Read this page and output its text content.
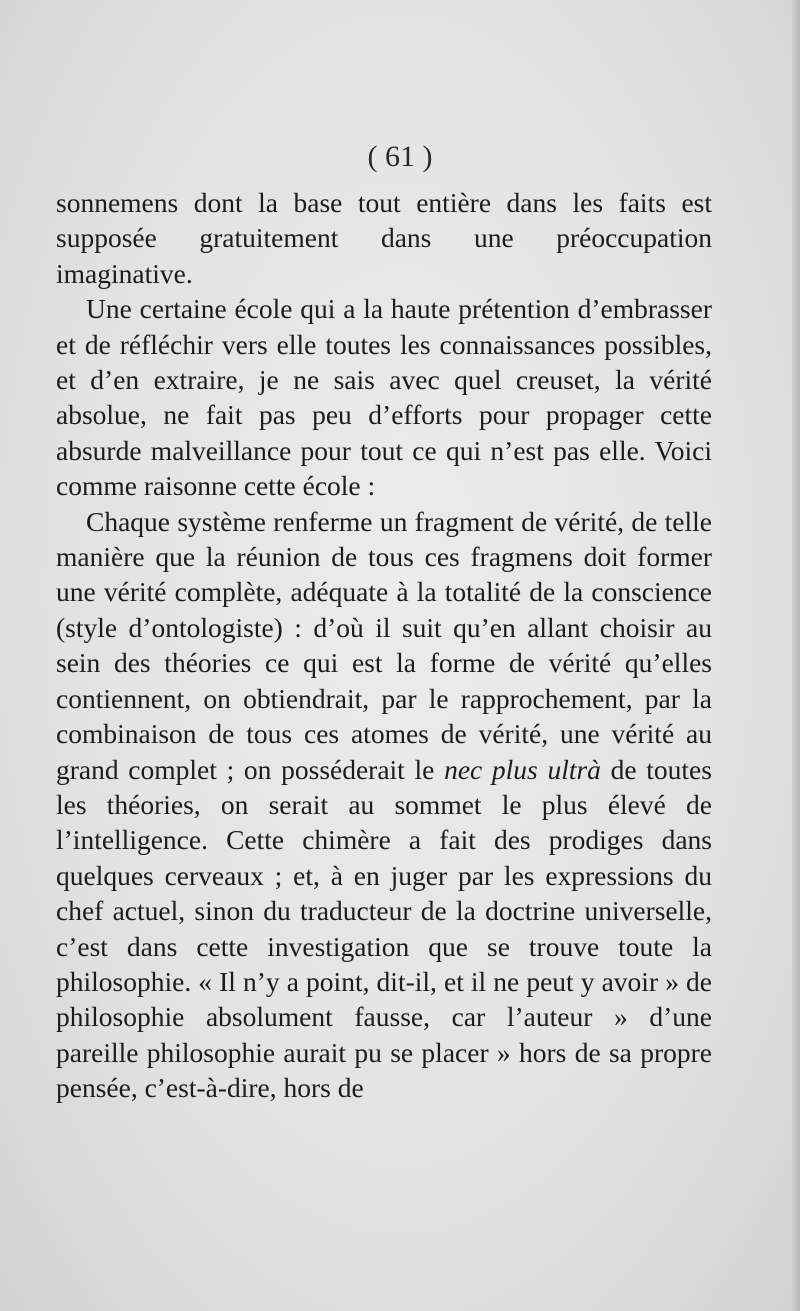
( 61 )

sonnemens dont la base tout entière dans les faits est supposée gratuitement dans une préoccupation imaginative.

Une certaine école qui a la haute prétention d’embrasser et de réfléchir vers elle toutes les connaissances possibles, et d’en extraire, je ne sais avec quel creuset, la vérité absolue, ne fait pas peu d’efforts pour propager cette absurde malveillance pour tout ce qui n’est pas elle. Voici comme raisonne cette école :

Chaque système renferme un fragment de vérité, de telle manière que la réunion de tous ces fragmens doit former une vérité complète, adéquate à la totalité de la conscience (style d’ontologiste) : d’où il suit qu’en allant choisir au sein des théories ce qui est la forme de vérité qu’elles contiennent, on obtiendrait, par le rapprochement, par la combinaison de tous ces atomes de vérité, une vérité au grand complet ; on posséderait le nec plus ultrà de toutes les théories, on serait au sommet le plus élevé de l’intelligence. Cette chimère a fait des prodiges dans quelques cerveaux ; et, à en juger par les expressions du chef actuel, sinon du traducteur de la doctrine universelle, c’est dans cette investigation que se trouve toute la philosophie. « Il n’y a point, dit-il, et il ne peut y avoir » de philosophie absolument fausse, car l’auteur » d’une pareille philosophie aurait pu se placer » hors de sa propre pensée, c’est-à-dire, hors de
